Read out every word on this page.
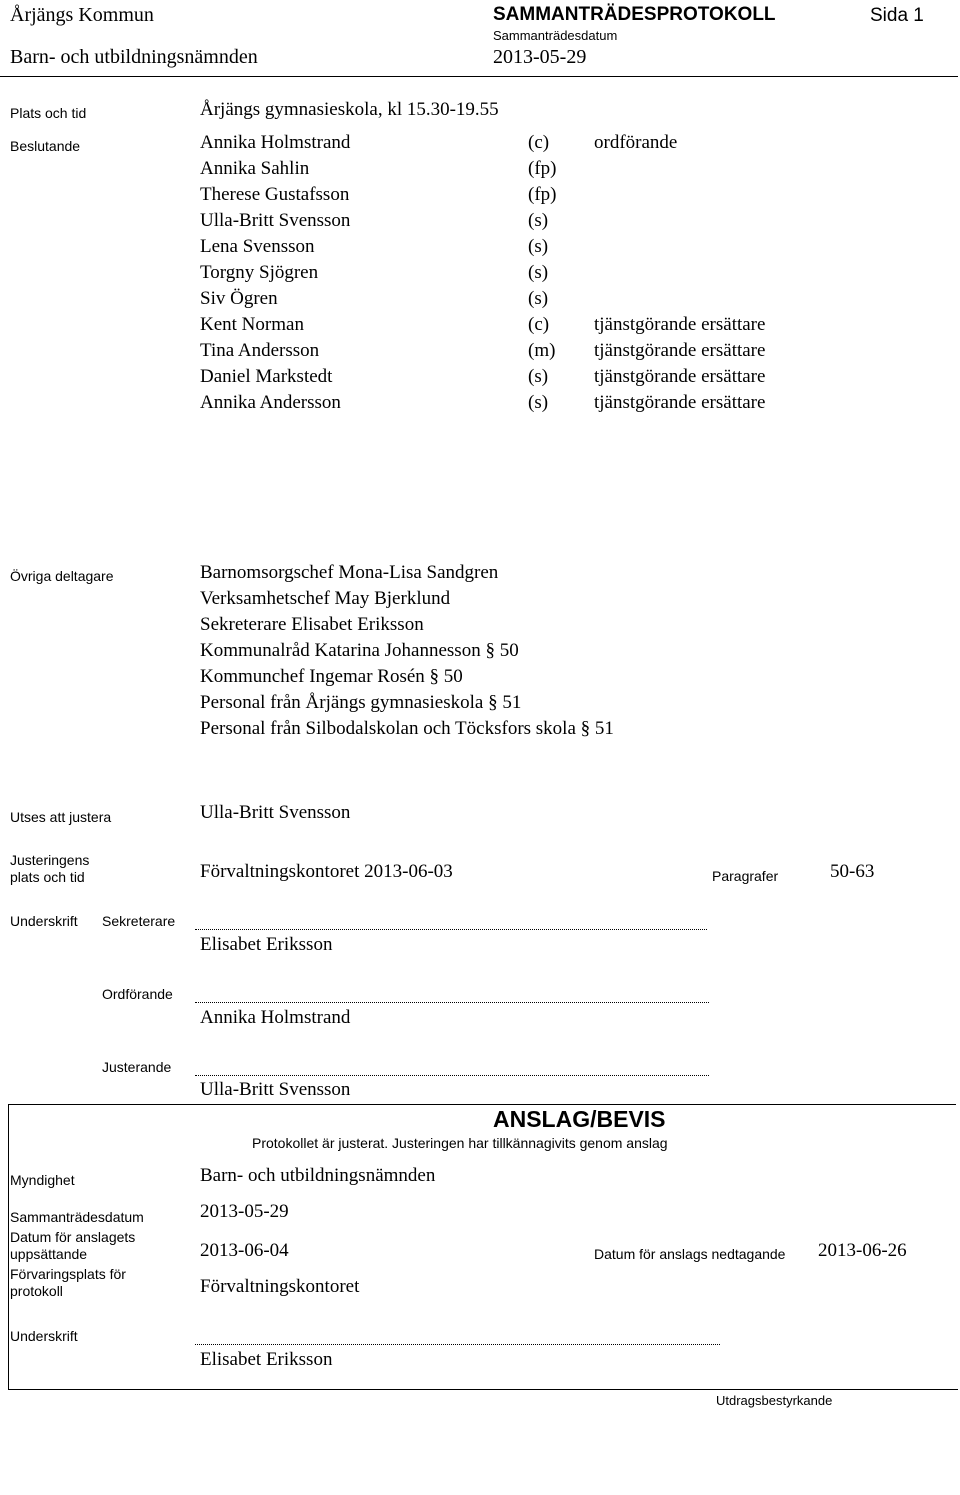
Årjängs Kommun
Barn- och utbildningsnämnden
SAMMANTRÄDESPROTOKOLL
Sammanträdesdatum
2013-05-29
Sida 1
Plats och tid	Årjängs gymnasieskola, kl 15.30-19.55
Beslutande	Annika Holmstrand	(c) ordförande
Annika Sahlin	(fp)
Therese Gustafsson	(fp)
Ulla-Britt Svensson	(s)
Lena Svensson	(s)
Torgny Sjögren	(s)
Siv Ögren	(s)
Kent Norman	(c) tjänstgörande ersättare
Tina Andersson	(m) tjänstgörande ersättare
Daniel Markstedt	(s) tjänstgörande ersättare
Annika Andersson	(s) tjänstgörande ersättare
Övriga deltagare	Barnomsorgschef Mona-Lisa Sandgren
Verksamhetschef May Bjerklund
Sekreterare Elisabet Eriksson
Kommunalråd Katarina Johannesson § 50
Kommunchef Ingemar Rosén § 50
Personal från Årjängs gymnasieskola § 51
Personal från Silbodalskolan och Töcksfors skola § 51
Utses att justera	Ulla-Britt Svensson
Justeringens
plats och tid	Förvaltningskontoret 2013-06-03	Paragrafer	50-63
Underskrift Sekreterare
Elisabet Eriksson
Ordförande
Annika Holmstrand
Justerande
Ulla-Britt Svensson
ANSLAG/BEVIS
Protokollet är justerat. Justeringen har tillkännagivits genom anslag
Myndighet	Barn- och utbildningsnämnden
Sammanträdesdatum	2013-05-29
Datum för anslagets
uppsättande	2013-06-04	Datum för anslags nedtagande 2013-06-26
Förvaringsplats för
protokoll	Förvaltningskontoret
Underskrift
Elisabet Eriksson
Utdragsbestyrkande
